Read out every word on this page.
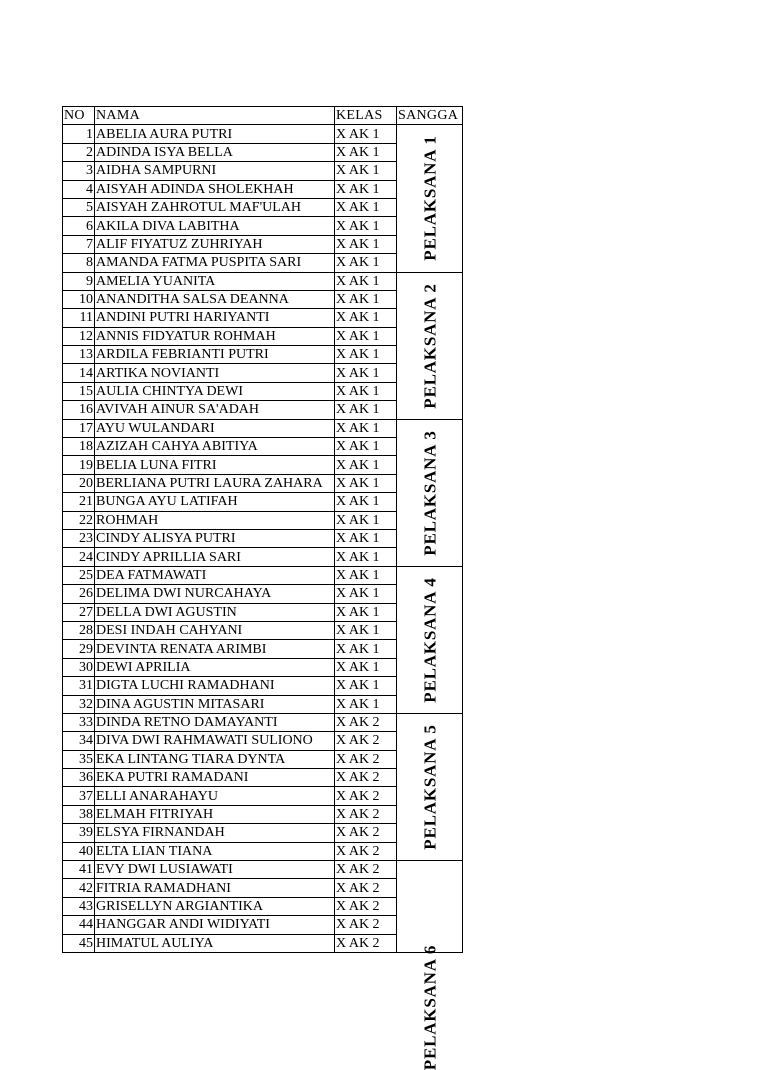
NO	NAMA	KELAS	SANGGA
1	ABELIA AURA PUTRI	X AK 1	PELAKSANA 1

2	ADINDA ISYA BELLA	X AK 1	
3	AIDHA SAMPURNI	X AK 1	
4	AISYAH ADINDA SHOLEKHAH	X AK 1	
5	AISYAH ZAHROTUL MAF'ULAH	X AK 1	
6	AKILA DIVA LABITHA	X AK 1	
7	ALIF FIYATUZ ZUHRIYAH	X AK 1	
8	AMANDA FATMA PUSPITA SARI	X AK 1	
9	AMELIA YUANITA	X AK 1	PELAKSANA 2

10	ANANDITHA SALSA DEANNA	X AK 1	
11	ANDINI PUTRI HARIYANTI	X AK 1	
12	ANNIS FIDYATUR ROHMAH	X AK 1	
13	ARDILA FEBRIANTI PUTRI	X AK 1	
14	ARTIKA NOVIANTI	X AK 1	
15	AULIA CHINTYA DEWI	X AK 1	
16	AVIVAH AINUR SA'ADAH	X AK 1	
17	AYU WULANDARI	X AK 1	PELAKSANA 3

18	AZIZAH CAHYA ABITIYA	X AK 1	
19	BELIA LUNA FITRI	X AK 1	
20	BERLIANA PUTRI LAURA ZAHARA	X AK 1	
21	BUNGA AYU LATIFAH	X AK 1	
22	ROHMAH	X AK 1	
23	CINDY ALISYA PUTRI	X AK 1	
24	CINDY APRILLIA SARI	X AK 1	
25	DEA FATMAWATI	X AK 1	PELAKSANA 4

26	DELIMA DWI NURCAHAYA	X AK 1	
27	DELLA DWI AGUSTIN	X AK 1	
28	DESI INDAH CAHYANI	X AK 1	
29	DEVINTA RENATA ARIMBI	X AK 1	
30	DEWI APRILIA	X AK 1	
31	DIGTA LUCHI RAMADHANI	X AK 1	
32	DINA AGUSTIN MITASARI	X AK 1	
33	DINDA RETNO DAMAYANTI	X AK 2	PELAKSANA 5

34	DIVA DWI RAHMAWATI SULIONO	X AK 2	
35	EKA LINTANG TIARA DYNTA	X AK 2	
36	EKA PUTRI RAMADANI	X AK 2	
37	ELLI ANARAHAYU	X AK 2	
38	ELMAH FITRIYAH	X AK 2	
39	ELSYA FIRNANDAH	X AK 2	
40	ELTA LIAN TIANA	X AK 2	
41	EVY DWI LUSIAWATI	X AK 2	PELAKSANA 6

42	FITRIA RAMADHANI	X AK 2	
43	GRISELLYN ARGIANTIKA	X AK 2	
44	HANGGAR ANDI WIDIYATI	X AK 2	
45	HIMATUL AULIYA	X AK 2	
